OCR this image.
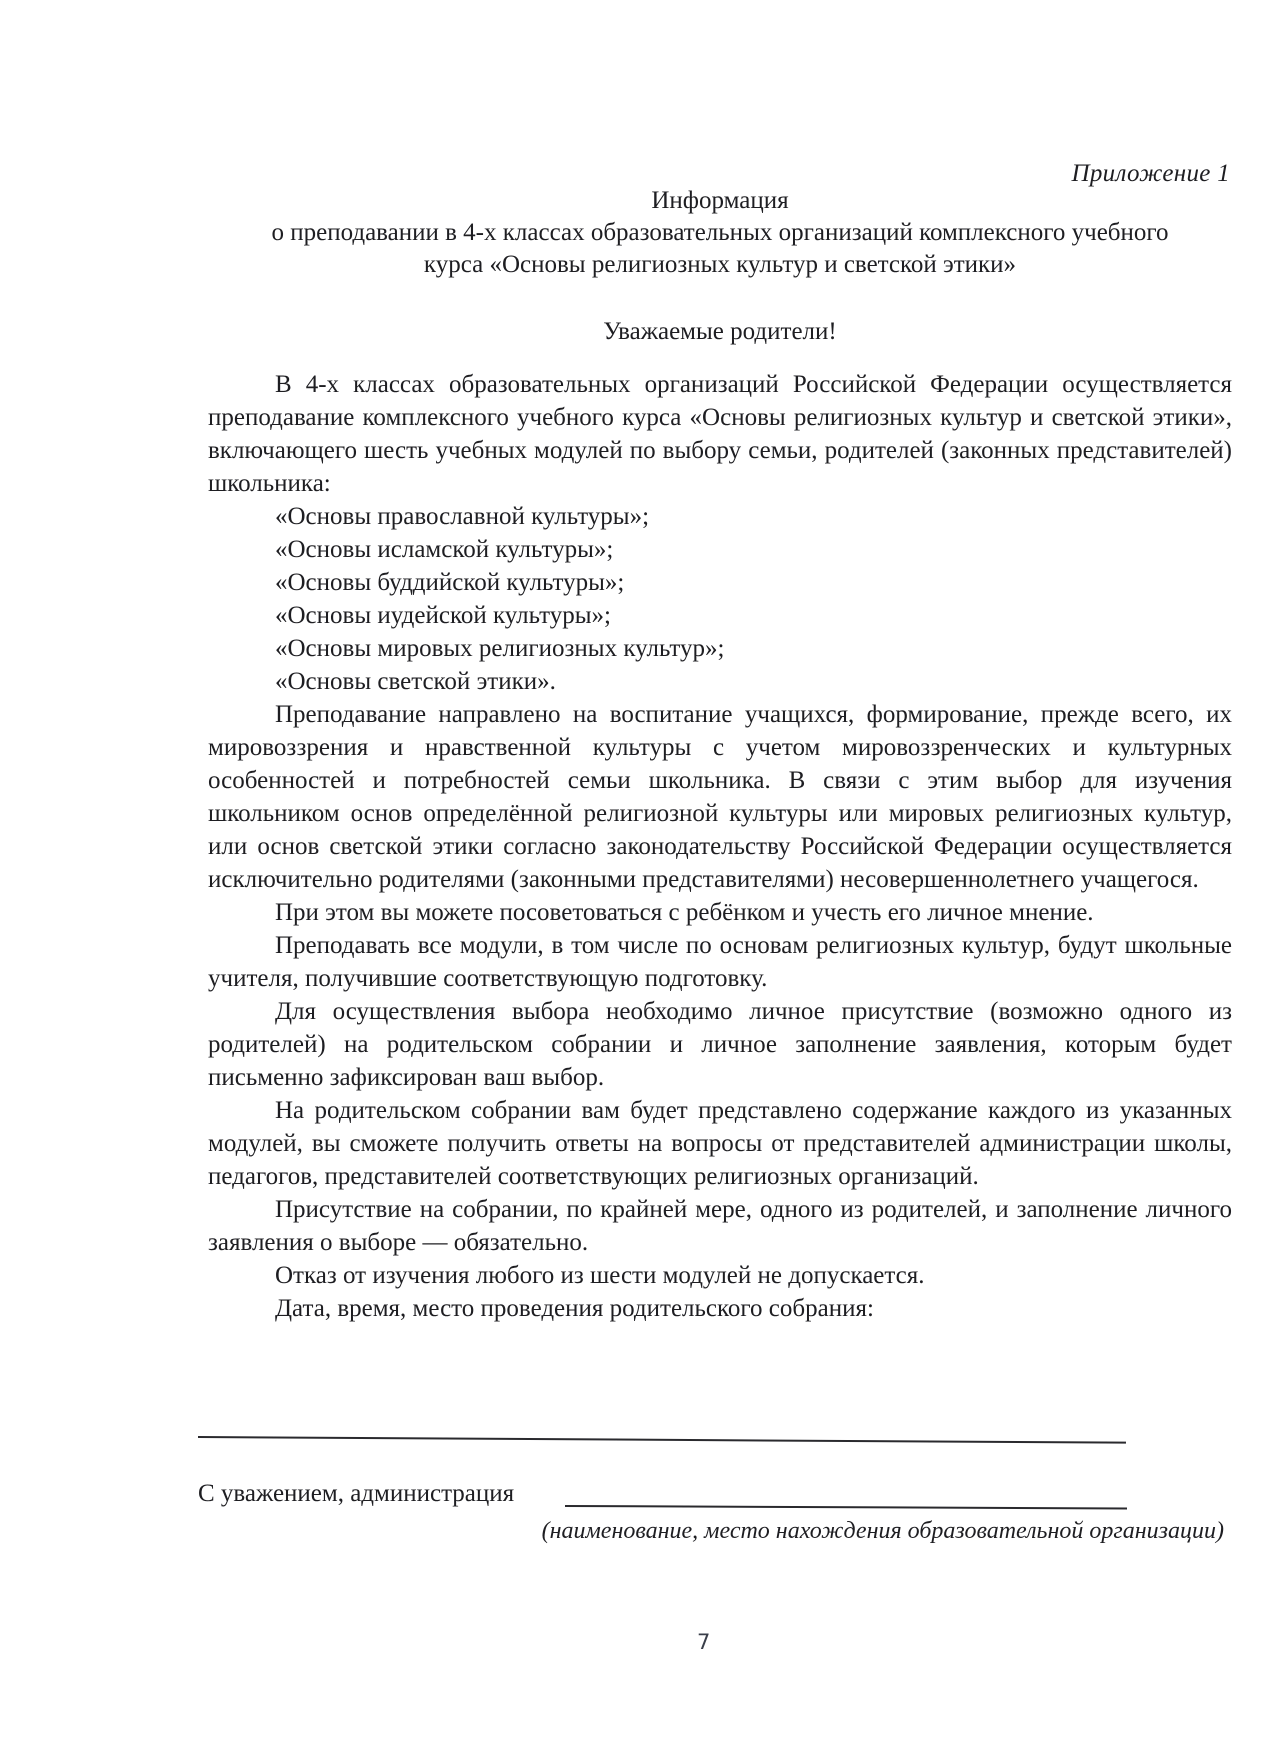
Приложение 1
Информация
о преподавании в 4-х классах образовательных организаций комплексного учебного
курса «Основы религиозных культур и светской этики»
Уважаемые родители!

В 4-х классах образовательных организаций Российской Федерации осуществляется преподавание комплексного учебного курса «Основы религиозных культур и светской этики», включающего шесть учебных модулей по выбору семьи, родителей (законных представителей) школьника:

«Основы православной культуры»;
«Основы исламской культуры»;
«Основы буддийской культуры»;
«Основы иудейской культуры»;
«Основы мировых религиозных культур»;
«Основы светской этики».

Преподавание направлено на воспитание учащихся, формирование, прежде всего, их мировоззрения и нравственной культуры с учетом мировоззренческих и культурных особенностей и потребностей семьи школьника. В связи с этим выбор для изучения школьником основ определённой религиозной культуры или мировых религиозных культур, или основ светской этики согласно законодательству Российской Федерации осуществляется исключительно родителями (законными представителями) несовершеннолетнего учащегося.

При этом вы можете посоветоваться с ребёнком и учесть его личное мнение.

Преподавать все модули, в том числе по основам религиозных культур, будут школьные учителя, получившие соответствующую подготовку.

Для осуществления выбора необходимо личное присутствие (возможно одного из родителей) на родительском собрании и личное заполнение заявления, которым будет письменно зафиксирован ваш выбор.

На родительском собрании вам будет представлено содержание каждого из указанных модулей, вы сможете получить ответы на вопросы от представителей администрации школы, педагогов, представителей соответствующих религиозных организаций.

Присутствие на собрании, по крайней мере, одного из родителей, и заполнение личного заявления о выборе — обязательно.

Отказ от изучения любого из шести модулей не допускается.

Дата, время, место проведения родительского собрания:

С уважением, администрация
(наименование, место нахождения образовательной организации)
7
